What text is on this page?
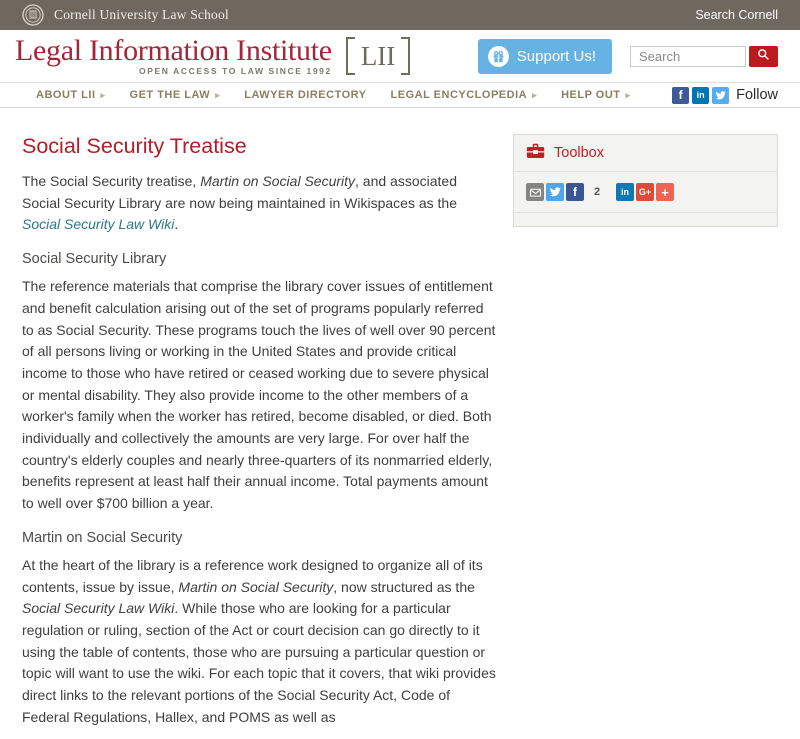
Cornell University Law School	Search Cornell
Legal Information Institute
OPEN ACCESS TO LAW SINCE 1992 LII	Support Us!
Search
ABOUT LII ▸ GET THE LAW ▸ LAWYER DIRECTORY LEGAL ENCYCLOPEDIA ▸ HELP OUT ▸	f	in	Follow
Social Security Treatise

The Social Security treatise, Martin on Social Security, and associated Social Security Library are now being maintained in Wikispaces as the Social Security Law Wiki.

Social Security Library

The reference materials that comprise the library cover issues of entitlement and benefit calculation arising out of the set of programs popularly referred to as Social Security. These programs touch the lives of well over 90 percent of all persons living or working in the United States and provide critical income to those who have retired or ceased working due to severe physical or mental disability. They also provide income to the other members of a worker's family when the worker has retired, become disabled, or died. Both individually and collectively the amounts are very large. For over half the country's elderly couples and nearly three-quarters of its nonmarried elderly, benefits represent at least half their annual income. Total payments amount to well over $700 billion a year.

Martin on Social Security

At the heart of the library is a reference work designed to organize all of its contents, issue by issue, Martin on Social Security, now structured as the Social Security Law Wiki. While those who are looking for a particular regulation or ruling, section of the Act or court decision can go directly to it using the table of contents, those who are pursuing a particular question or topic will want to use the wiki. For each topic that it covers, that wiki provides direct links to the relevant portions of the Social Security Act, Code of Federal Regulations, Hallex, and POMS as well as

Toolbox
f	2	in	G+ +
